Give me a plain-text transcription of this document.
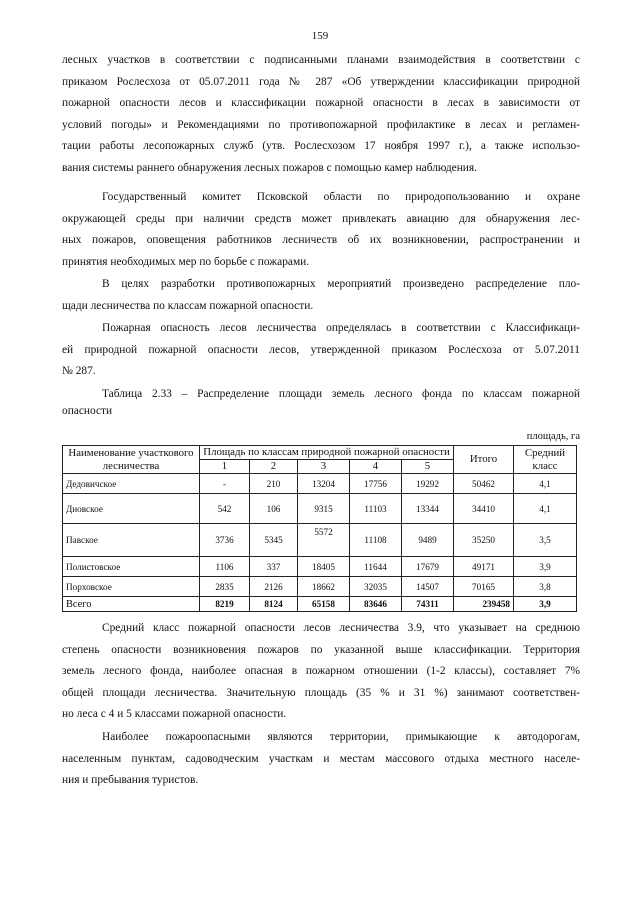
159
лесных участков в соответствии с подписанными планами взаимодействия в соответствии с
приказом Рослесхоза от 05.07.2011 года № 287 «Об утверждении классификации природной
пожарной опасности лесов и классификации пожарной опасности в лесах в зависимости от
условий погоды» и Рекомендациями по противопожарной профилактике в лесах и регламен-
тации работы лесопожарных служб (утв. Рослесхозом 17 ноября 1997 г.), а также использо-
вания системы раннего обнаружения лесных пожаров с помощью камер наблюдения.
Государственный комитет Псковской области по природопользованию и охране
окружающей среды при наличии средств может привлекать авиацию для обнаружения лес-
ных пожаров, оповещения работников лесничеств об их возникновении, распространении и
принятия необходимых мер по борьбе с пожарами.
В целях разработки противопожарных мероприятий произведено распределение пло-
щади лесничества по классам пожарной опасности.
Пожарная опасность лесов лесничества определялась в соответствии с Классификаци-
ей природной пожарной опасности лесов, утвержденной приказом Рослесхоза от 5.07.2011
№ 287.
Таблица 2.33 – Распределение площади земель лесного фонда по классам пожарной
опасности
площадь, га
Наименование участкового лесничества	Площадь по классам природной пожарной опасности					Итого	Средний класс
	1	2	3	4	5		
Дедовичское	-	210	13204	17756	19292	50462	4,1
Дновское	542	106	9315	11103	13344	34410	4,1
Павское	3736	5345	5572	11108	9489	35250	3,5
Полистовское	1106	337	18405	11644	17679	49171	3,9
Порховское	2835	2126	18662	32035	14507	70165	3,8
Всего	8219	8124	65158	83646	74311	239458	3,9
Средний класс пожарной опасности лесов лесничества 3.9, что указывает на среднюю
степень опасности возникновения пожаров по указанной выше классификации. Территория
земель лесного фонда, наиболее опасная в пожарном отношении (1-2 классы), составляет 7%
общей площади лесничества. Значительную площадь (35 % и 31 %) занимают соответствен-
но леса с 4 и 5 классами пожарной опасности.
Наиболее пожароопасными являются территории, примыкающие к автодорогам,
населенным пунктам, садоводческим участкам и местам массового отдыха местного населе-
ния и пребывания туристов.
